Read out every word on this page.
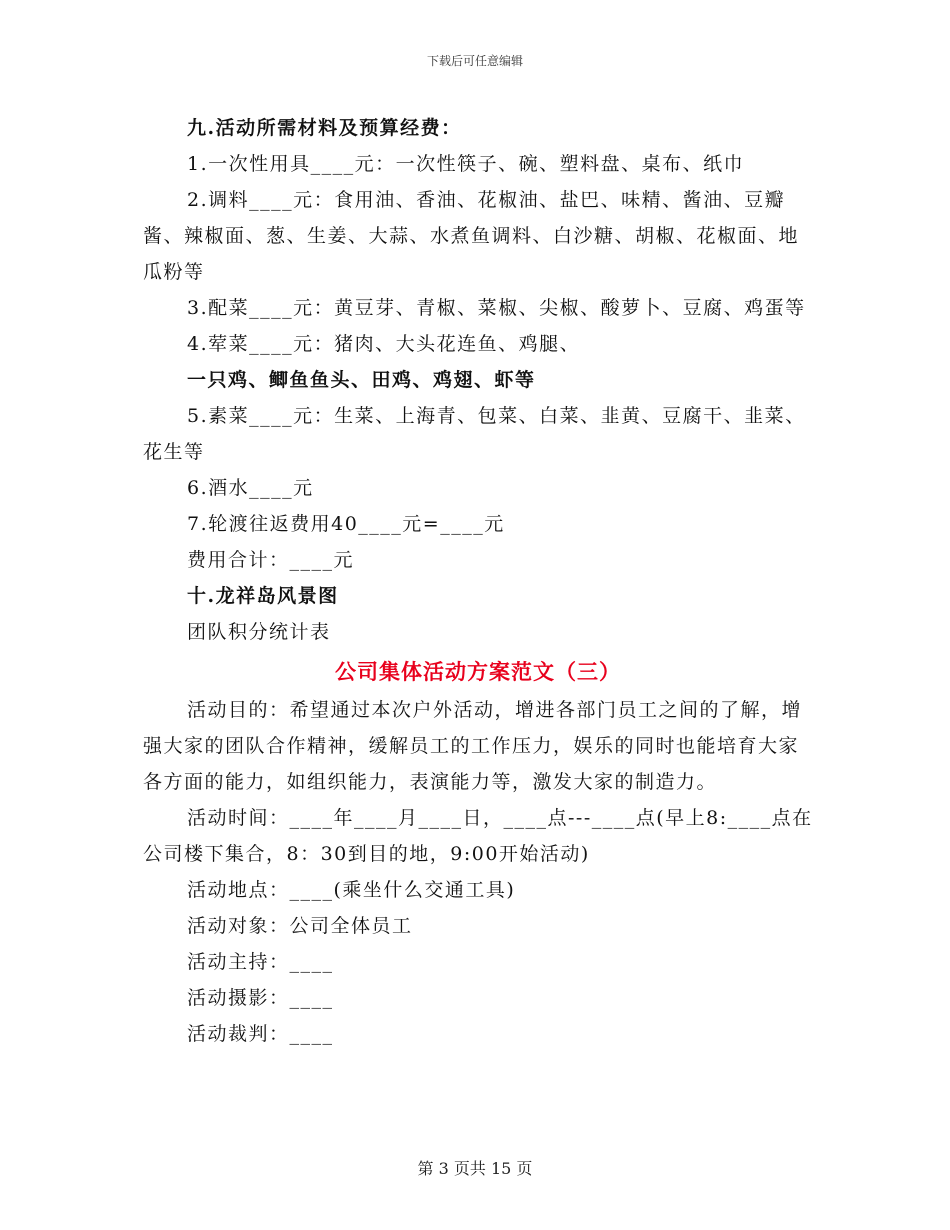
下载后可任意编辑

九.活动所需材料及预算经费：

1.一次性用具____元：一次性筷子、碗、塑料盘、桌布、纸巾

2.调料____元：食用油、香油、花椒油、盐巴、味精、酱油、豆瓣酱、辣椒面、葱、生姜、大蒜、水煮鱼调料、白沙糖、胡椒、花椒面、地瓜粉等

3.配菜____元：黄豆芽、青椒、菜椒、尖椒、酸萝卜、豆腐、鸡蛋等

4.荤菜____元：猪肉、大头花连鱼、鸡腿、

一只鸡、鲫鱼鱼头、田鸡、鸡翅、虾等

5.素菜____元：生菜、上海青、包菜、白菜、韭黄、豆腐干、韭菜、花生等

6.酒水____元

7.轮渡往返费用40____元=____元

费用合计：____元

十.龙祥岛风景图

团队积分统计表

公司集体活动方案范文（三）

活动目的：希望通过本次户外活动，增进各部门员工之间的了解，增强大家的团队合作精神，缓解员工的工作压力，娱乐的同时也能培育大家各方面的能力，如组织能力，表演能力等，激发大家的制造力。

活动时间：____年____月____日，____点---____点(早上8:____点在公司楼下集合，8：30到目的地，9:00开始活动)

活动地点：____(乘坐什么交通工具)

活动对象：公司全体员工

活动主持：____

活动摄影：____

活动裁判：____

第 3 页共 15 页
